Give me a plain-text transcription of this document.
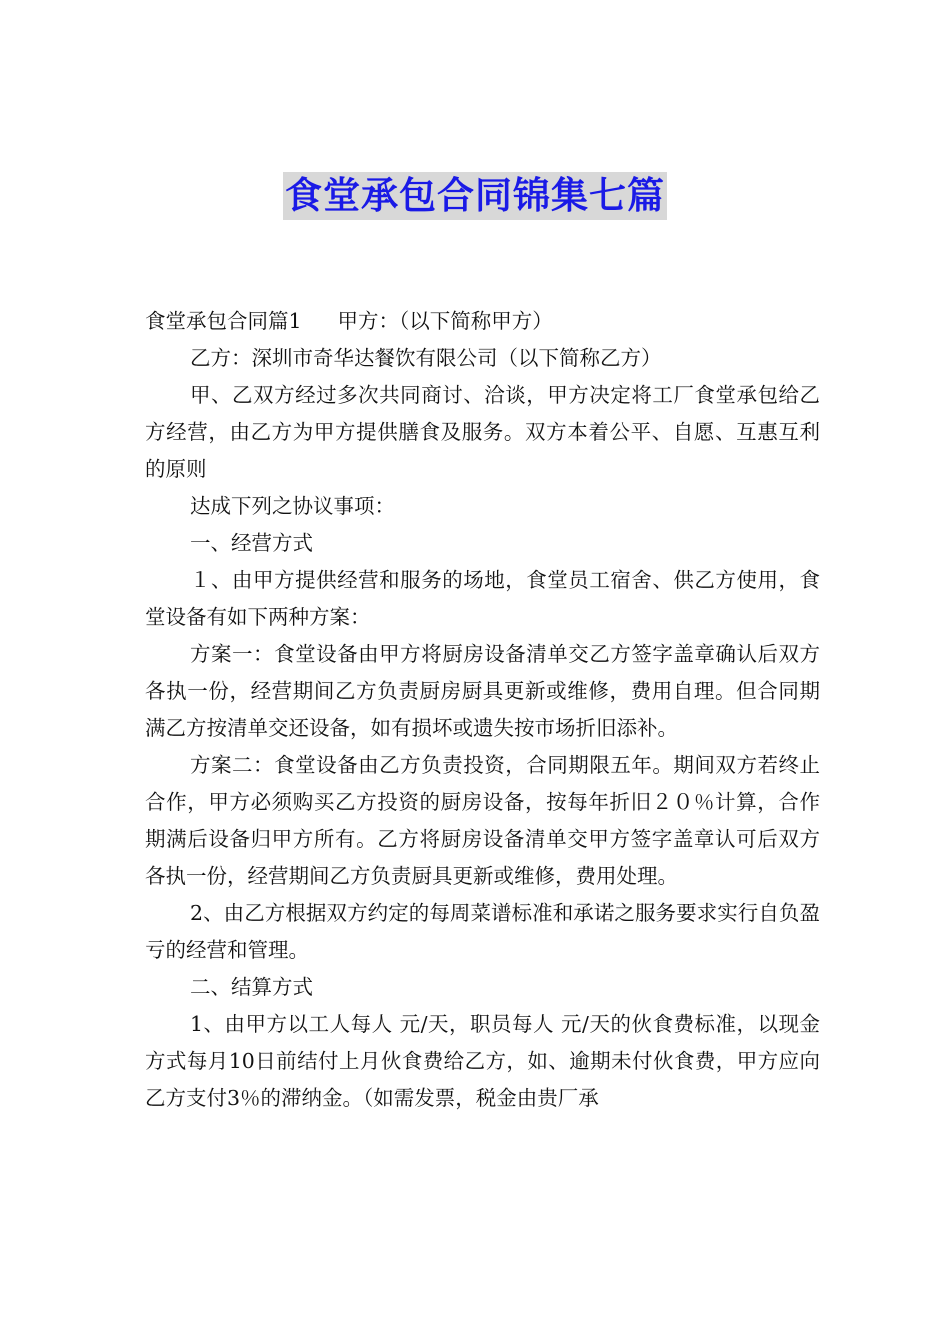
食堂承包合同锦集七篇

食堂承包合同篇1 甲方：（以下简称甲方）

乙方：深圳市奇华达餐饮有限公司（以下简称乙方）

甲、乙双方经过多次共同商讨、洽谈，甲方决定将工厂食堂承包给乙方经营，由乙方为甲方提供膳食及服务。双方本着公平、自愿、互惠互利的原则

达成下列之协议事项：

一、经营方式

１、由甲方提供经营和服务的场地，食堂员工宿舍、供乙方使用，食堂设备有如下两种方案：

方案一：食堂设备由甲方将厨房设备清单交乙方签字盖章确认后双方各执一份，经营期间乙方负责厨房厨具更新或维修，费用自理。但合同期满乙方按清单交还设备，如有损坏或遗失按市场折旧添补。

方案二：食堂设备由乙方负责投资，合同期限五年。期间双方若终止合作，甲方必须购买乙方投资的厨房设备，按每年折旧２０％计算，合作期满后设备归甲方所有。乙方将厨房设备清单交甲方签字盖章认可后双方各执一份，经营期间乙方负责厨具更新或维修，费用处理。

2、由乙方根据双方约定的每周菜谱标准和承诺之服务要求实行自负盈亏的经营和管理。

二、结算方式

1、由甲方以工人每人 元/天，职员每人 元/天的伙食费标准，以现金方式每月10日前结付上月伙食费给乙方，如、逾期未付伙食费，甲方应向乙方支付3％的滞纳金。（如需发票，税金由贵厂承
